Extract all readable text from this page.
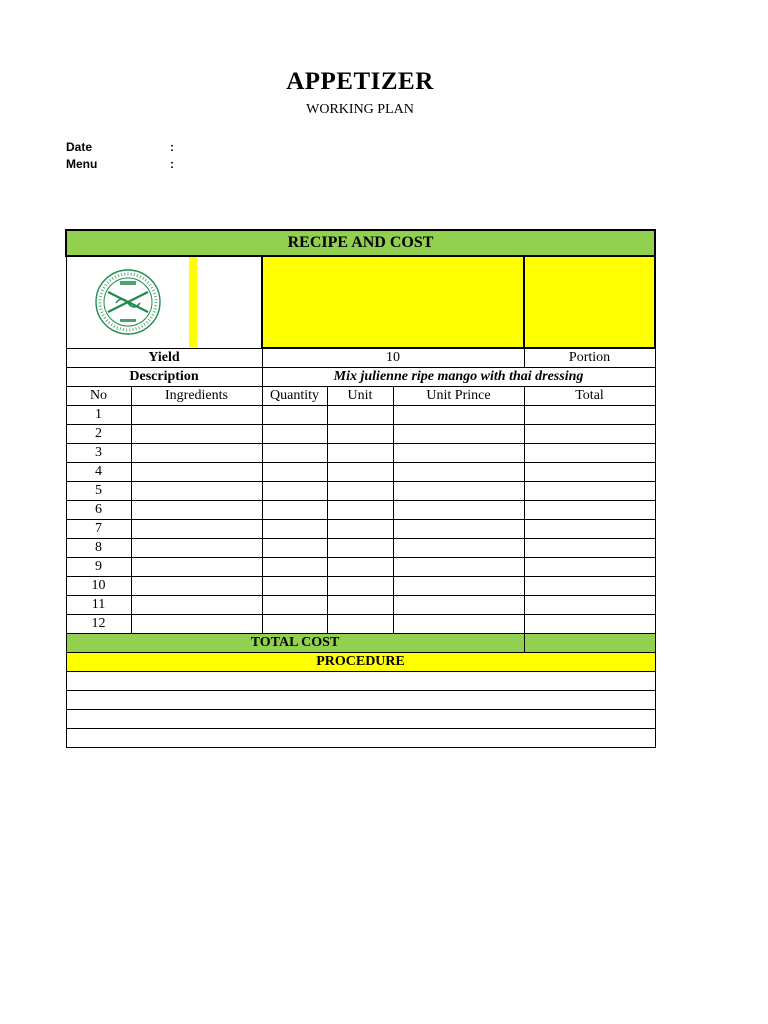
APPETIZER
WORKING PLAN
Date	:
Menu	:
RECIPE AND COST					

Yield		10			Portion
Description		Mix julienne ripe mango with thai dressing			
No	Ingredients	Quantity	Unit	Unit Prince	Total
1					
2					
3					
4					
5					
6					
7					
8					
9					
10					
11					
12					
TOTAL COST					
PROCEDURE					
